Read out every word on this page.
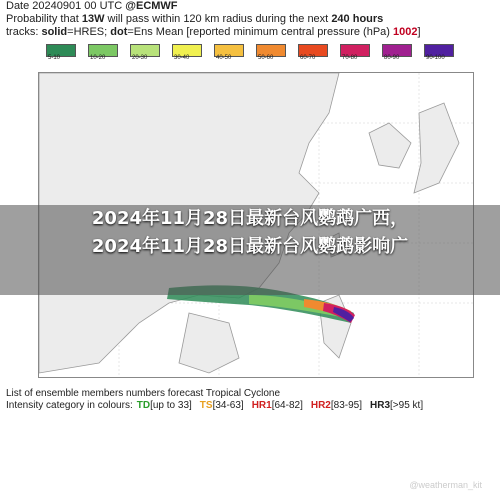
Date 20240901 00 UTC @ECMWF
Probability that 13W will pass within 120 km radius during the next 240 hours
tracks: solid=HRES; dot=Ens Mean [reported minimum central pressure (hPa) 1002]
5-10	10-20	20-30	30-40	40-50	50-60	60-70	70-80	80-90	90-100
2024年11月28日最新台风鹦鹉广西，
2024年11月28日最新台风鹦鹉影响广
List of ensemble members numbers forecast Tropical Cyclone
Intensity category in colours: TD[up to 33] TS[34-63] HR1[64-82] HR2[83-95] HR3[>95 kt]
@weatherman_kit
